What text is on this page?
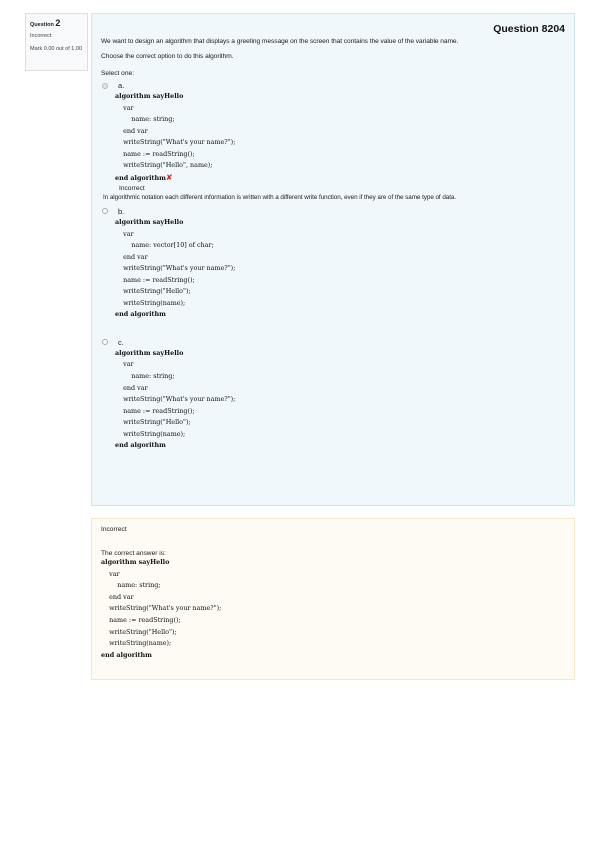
Question 2
Incorrect
Mark 0.00 out of 1.00
Question 8204

We want to design an algorithm that displays a greeting message on the screen that contains the value of the variable name.

Choose the correct option to do this algorithm.

Select one:
a.
algorithm sayHello
var
name: string;
end var
writeString("What's your name?");
name := readString();
writeString("Hello", name);
end algorithm✘
Incorrect
In algorithmic notation each different information is written with a different write function, even if they are of the same type of data.
b.
algorithm sayHello
var
name: vector[10] of char;
end var
writeString("What's your name?");
name := readString();
writeString("Hello");
writeString(name);
end algorithm
c.
algorithm sayHello
var
name: string;
end var
writeString("What's your name?");
name := readString();
writeString("Hello");
writeString(name);
end algorithm
Incorrect
The correct answer is:
algorithm sayHello
var
name: string;
end var
writeString("What's your name?");
name := readString();
writeString("Hello");
writeString(name);
end algorithm
